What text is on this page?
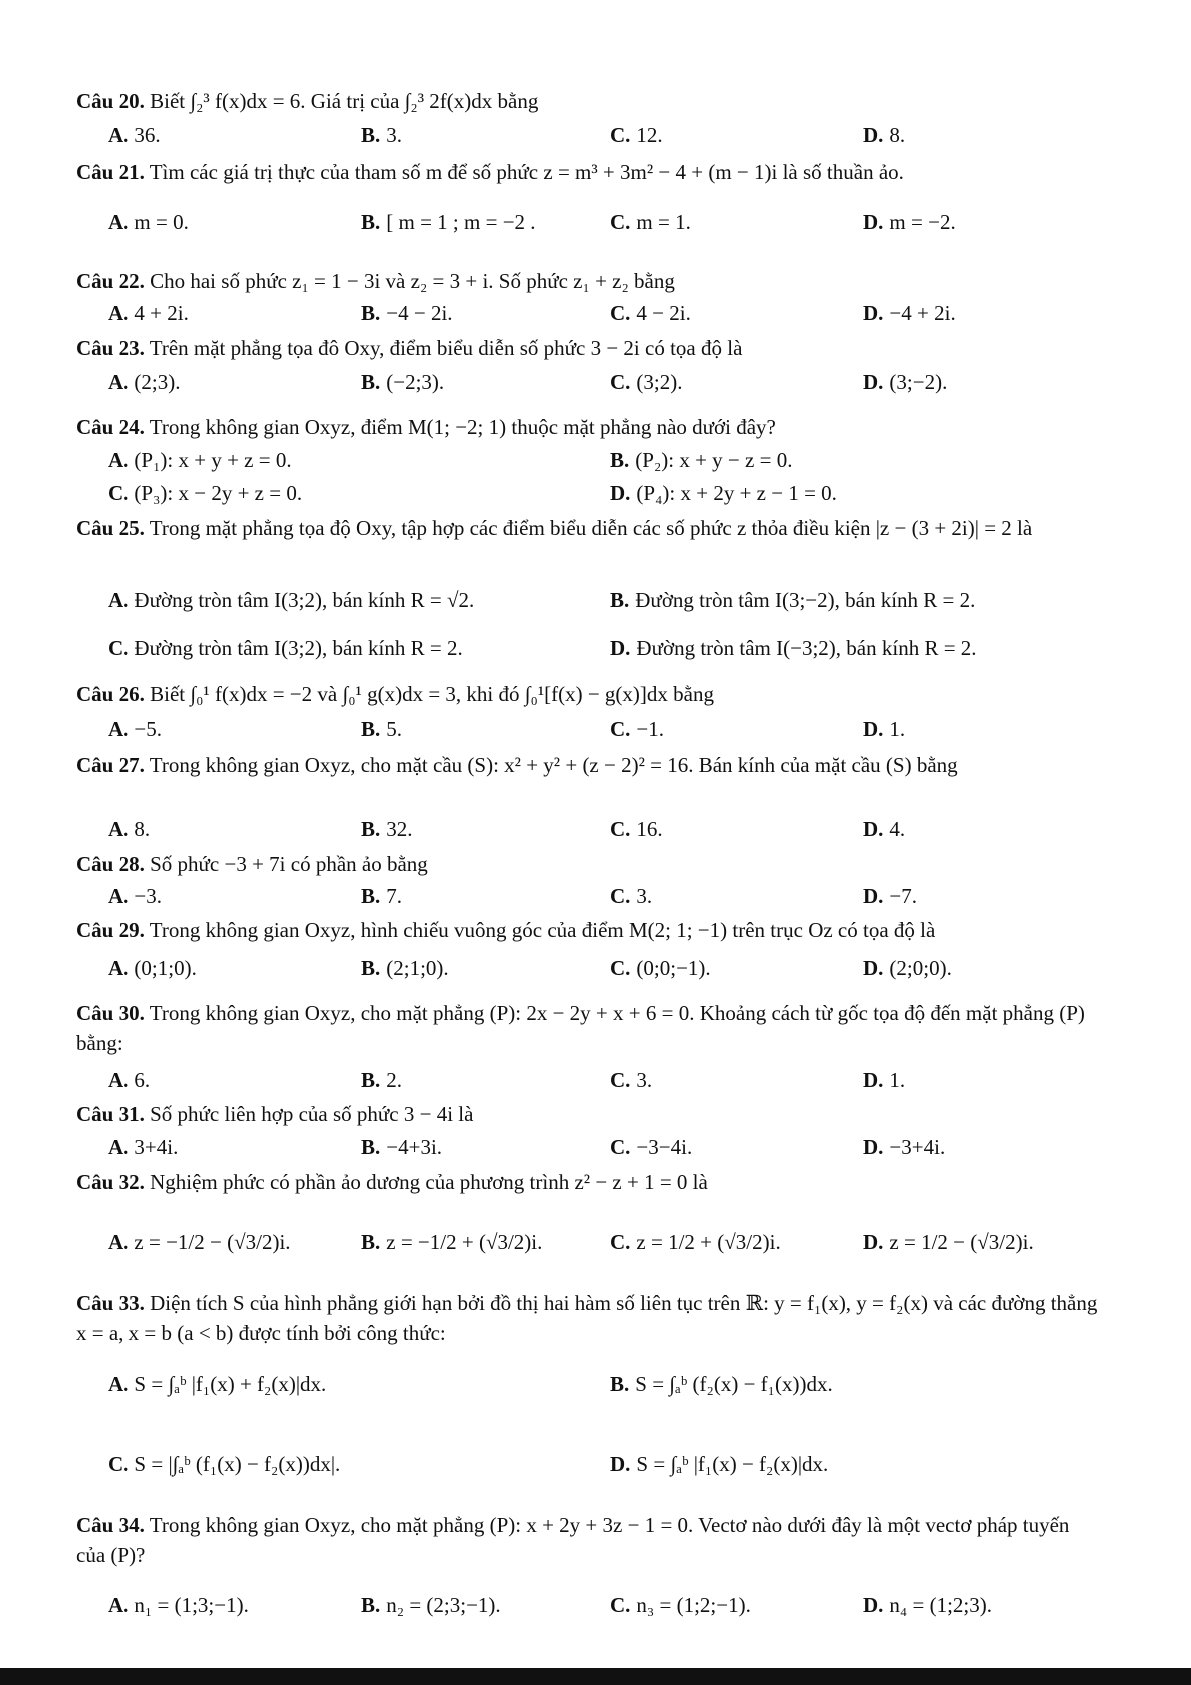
Câu 20. Biết ∫₂³ f(x)dx = 6. Giá trị của ∫₂³ 2f(x)dx bằng
A. 36.	B. 3.	C. 12.	D. 8.
Câu 21. Tìm các giá trị thực của tham số m để số phức z = m³ + 3m² − 4 + (m − 1)i là số thuần ảo.
A. m = 0.	B. [ m = 1 ; m = −2 .	C. m = 1.	D. m = −2.
Câu 22. Cho hai số phức z₁ = 1 − 3i và z₂ = 3 + i. Số phức z₁ + z₂ bằng
A. 4 + 2i.	B. −4 − 2i.	C. 4 − 2i.	D. −4 + 2i.
Câu 23. Trên mặt phẳng tọa đô Oxy, điểm biểu diễn số phức 3 − 2i có tọa độ là
A. (2;3).	B. (−2;3).	C. (3;2).	D. (3;−2).
Câu 24. Trong không gian Oxyz, điểm M(1; −2; 1) thuộc mặt phẳng nào dưới đây?
A. (P₁): x + y + z = 0.	B. (P₂): x + y − z = 0.
C. (P₃): x − 2y + z = 0.	D. (P₄): x + 2y + z − 1 = 0.
Câu 25. Trong mặt phẳng tọa độ Oxy, tập hợp các điểm biểu diễn các số phức z thỏa điều kiện |z − (3 + 2i)| = 2 là
A. Đường tròn tâm I(3;2), bán kính R = √2.	B. Đường tròn tâm I(3;−2), bán kính R = 2.
C. Đường tròn tâm I(3;2), bán kính R = 2.	D. Đường tròn tâm I(−3;2), bán kính R = 2.
Câu 26. Biết ∫₀¹ f(x)dx = −2 và ∫₀¹ g(x)dx = 3, khi đó ∫₀¹[f(x) − g(x)]dx bằng
A. −5.	B. 5.	C. −1.	D. 1.
Câu 27. Trong không gian Oxyz, cho mặt cầu (S): x² + y² + (z − 2)² = 16. Bán kính của mặt cầu (S) bằng
A. 8.	B. 32.	C. 16.	D. 4.
Câu 28. Số phức −3 + 7i có phần ảo bằng
A. −3.	B. 7.	C. 3.	D. −7.
Câu 29. Trong không gian Oxyz, hình chiếu vuông góc của điểm M(2; 1; −1) trên trục Oz có tọa độ là
A. (0;1;0).	B. (2;1;0).	C. (0;0;−1).	D. (2;0;0).
Câu 30. Trong không gian Oxyz, cho mặt phẳng (P): 2x − 2y + x + 6 = 0. Khoảng cách từ gốc tọa độ đến mặt phẳng (P) bằng:
A. 6.	B. 2.	C. 3.	D. 1.
Câu 31. Số phức liên hợp của số phức 3 − 4i là
A. 3+4i.	B. −4+3i.	C. −3−4i.	D. −3+4i.
Câu 32. Nghiệm phức có phần ảo dương của phương trình z² − z + 1 = 0 là
A. z = −1/2 − (√3/2)i.	B. z = −1/2 + (√3/2)i.	C. z = 1/2 + (√3/2)i.	D. z = 1/2 − (√3/2)i.
Câu 33. Diện tích S của hình phẳng giới hạn bởi đồ thị hai hàm số liên tục trên ℝ: y = f₁(x), y = f₂(x) và các đường thẳng x = a, x = b (a < b) được tính bởi công thức:
A. S = ∫ₐᵇ |f₁(x) + f₂(x)|dx.	B. S = ∫ₐᵇ (f₂(x) − f₁(x))dx.
C. S = |∫ₐᵇ (f₁(x) − f₂(x))dx|.	D. S = ∫ₐᵇ |f₁(x) − f₂(x)|dx.
Câu 34. Trong không gian Oxyz, cho mặt phẳng (P): x + 2y + 3z − 1 = 0. Vectơ nào dưới đây là một vectơ pháp tuyến của (P)?
A. n₁ = (1;3;−1).	B. n₂ = (2;3;−1).	C. n₃ = (1;2;−1).	D. n₄ = (1;2;3).
